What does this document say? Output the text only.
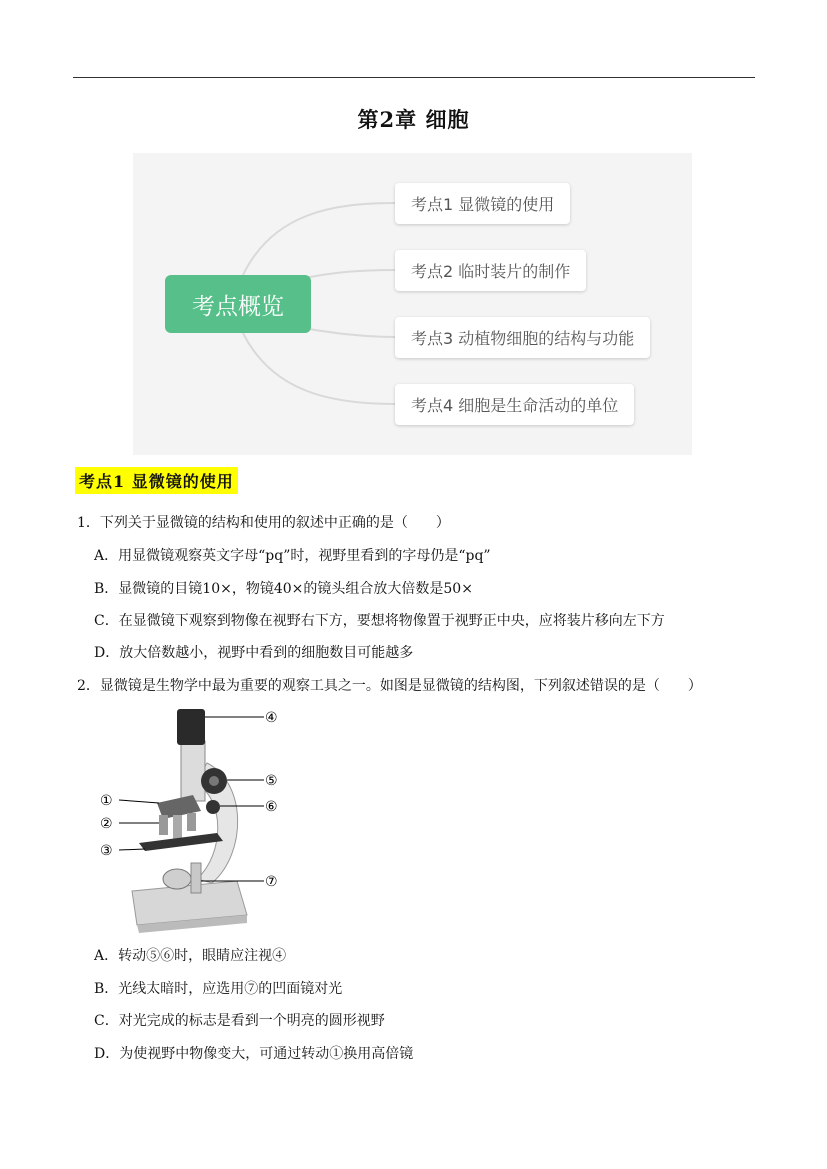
第2章 细胞
考点概览
考点1 显微镜的使用
考点2 临时装片的制作
考点3 动植物细胞的结构与功能
考点4 细胞是生命活动的单位
考点1 显微镜的使用
1．下列关于显微镜的结构和使用的叙述中正确的是（　　）
A．用显微镜观察英文字母“pq”时，视野里看到的字母仍是“pq”
B．显微镜的目镜10×，物镜40×的镜头组合放大倍数是50×
C．在显微镜下观察到物像在视野右下方，要想将物像置于视野正中央，应将装片移向左下方
D．放大倍数越小，视野中看到的细胞数目可能越多
2．显微镜是生物学中最为重要的观察工具之一。如图是显微镜的结构图，下列叙述错误的是（　　）
④
⑤
⑥
①
②
③
⑦
A．转动⑤⑥时，眼睛应注视④
B．光线太暗时，应选用⑦的凹面镜对光
C．对光完成的标志是看到一个明亮的圆形视野
D．为使视野中物像变大，可通过转动①换用高倍镜
